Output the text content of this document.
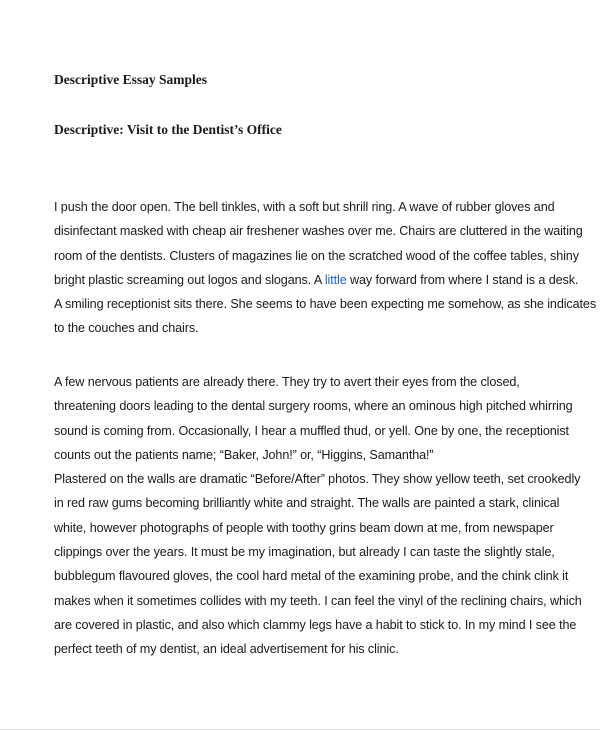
Descriptive Essay Samples
Descriptive: Visit to the Dentist’s Office

I push the door open. The bell tinkles, with a soft but shrill ring. A wave of rubber gloves and
disinfectant masked with cheap air freshener washes over me. Chairs are cluttered in the waiting
room of the dentists. Clusters of magazines lie on the scratched wood of the coffee tables, shiny
bright plastic screaming out logos and slogans. A little way forward from where I stand is a desk.
A smiling receptionist sits there. She seems to have been expecting me somehow, as she indicates
to the couches and chairs.

A few nervous patients are already there. They try to avert their eyes from the closed,
threatening doors leading to the dental surgery rooms, where an ominous high pitched whirring
sound is coming from. Occasionally, I hear a muffled thud, or yell. One by one, the receptionist
counts out the patients name; “Baker, John!” or, “Higgins, Samantha!”
Plastered on the walls are dramatic “Before/After” photos. They show yellow teeth, set crookedly
in red raw gums becoming brilliantly white and straight. The walls are painted a stark, clinical
white, however photographs of people with toothy grins beam down at me, from newspaper
clippings over the years. It must be my imagination, but already I can taste the slightly stale,
bubblegum flavoured gloves, the cool hard metal of the examining probe, and the chink clink it
makes when it sometimes collides with my teeth. I can feel the vinyl of the reclining chairs, which
are covered in plastic, and also which clammy legs have a habit to stick to. In my mind I see the
perfect teeth of my dentist, an ideal advertisement for his clinic.
